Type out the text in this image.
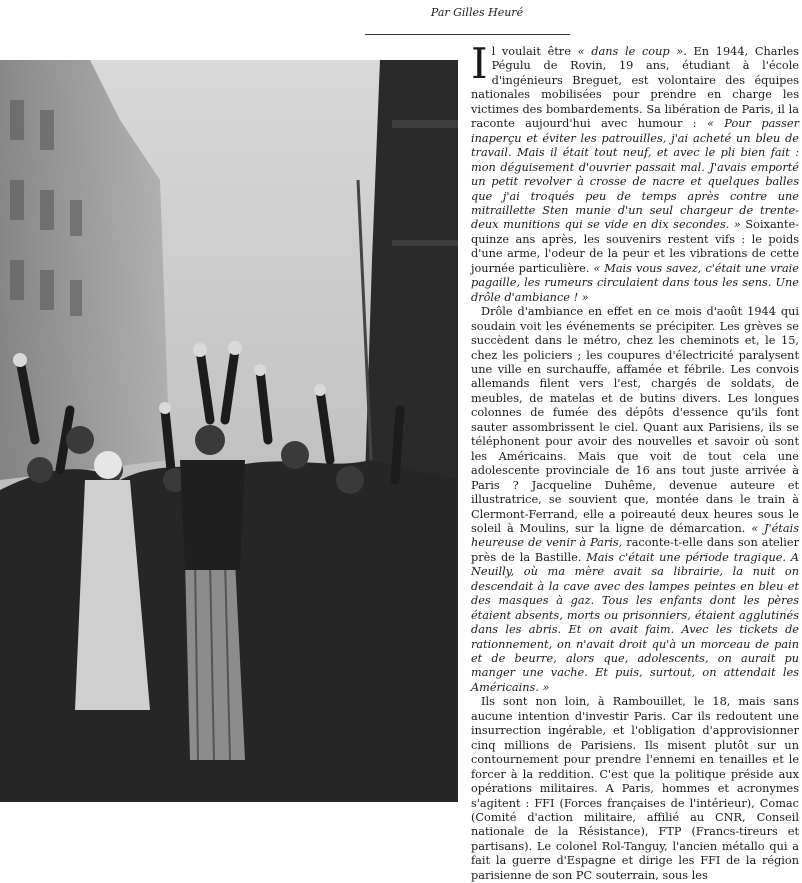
Par Gilles Heuré

Il voulait être « dans le coup ». En 1944, Charles Pégulu de Rovin, 19 ans, étudiant à l'école d'ingénieurs Breguet, est volontaire des équipes nationales mobilisées pour prendre en charge les victimes des bombardements. Sa libération de Paris, il la raconte aujourd'hui avec humour : « Pour passer inaperçu et éviter les patrouilles, j'ai acheté un bleu de travail. Mais il était tout neuf, et avec le pli bien fait : mon déguisement d'ouvrier passait mal. J'avais emporté un petit revolver à crosse de nacre et quelques balles que j'ai troqués peu de temps après contre une mitraillette Sten munie d'un seul chargeur de trente-deux munitions qui se vide en dix secondes. » Soixante-quinze ans après, les souvenirs restent vifs : le poids d'une arme, l'odeur de la peur et les vibrations de cette journée particulière. « Mais vous savez, c'était une vraie pagaille, les rumeurs circulaient dans tous les sens. Une drôle d'ambiance ! »

Drôle d'ambiance en effet en ce mois d'août 1944 qui soudain voit les événements se précipiter. Les grèves se succèdent dans le métro, chez les cheminots et, le 15, chez les policiers ; les coupures d'électricité paralysent une ville en surchauffe, affamée et fébrile. Les convois allemands filent vers l'est, chargés de soldats, de meubles, de matelas et de butins divers. Les longues colonnes de fumée des dépôts d'essence qu'ils font sauter assombrissent le ciel. Quant aux Parisiens, ils se téléphonent pour avoir des nouvelles et savoir où sont les Américains. Mais que voit de tout cela une adolescente provinciale de 16 ans tout juste arrivée à Paris ? Jacqueline Duhême, devenue auteure et illustratrice, se souvient que, montée dans le train à Clermont-Ferrand, elle a poireauté deux heures sous le soleil à Moulins, sur la ligne de démarcation. « J'étais heureuse de venir à Paris, raconte-t-elle dans son atelier près de la Bastille. Mais c'était une période tragique. A Neuilly, où ma mère avait sa librairie, la nuit on descendait à la cave avec des lampes peintes en bleu et des masques à gaz. Tous les enfants dont les pères étaient absents, morts ou prisonniers, étaient agglutinés dans les abris. Et on avait faim. Avec les tickets de rationnement, on n'avait droit qu'à un morceau de pain et de beurre, alors que, adolescents, on aurait pu manger une vache. Et puis, surtout, on attendait les Américains. »

Ils sont non loin, à Rambouillet, le 18, mais sans aucune intention d'investir Paris. Car ils redoutent une insurrection ingérable, et l'obligation d'approvisionner cinq millions de Parisiens. Ils misent plutôt sur un contournement pour prendre l'ennemi en tenailles et le forcer à la reddition. C'est que la politique préside aux opérations militaires. A Paris, hommes et acronymes s'agitent : FFI (Forces françaises de l'intérieur), Comac (Comité d'action militaire, affilié au CNR, Conseil nationale de la Résistance), FTP (Francs-tireurs et partisans). Le colonel Rol-Tanguy, l'ancien métallo qui a fait la guerre d'Espagne et dirige les FFI de la région parisienne de son PC souterrain, sous les
